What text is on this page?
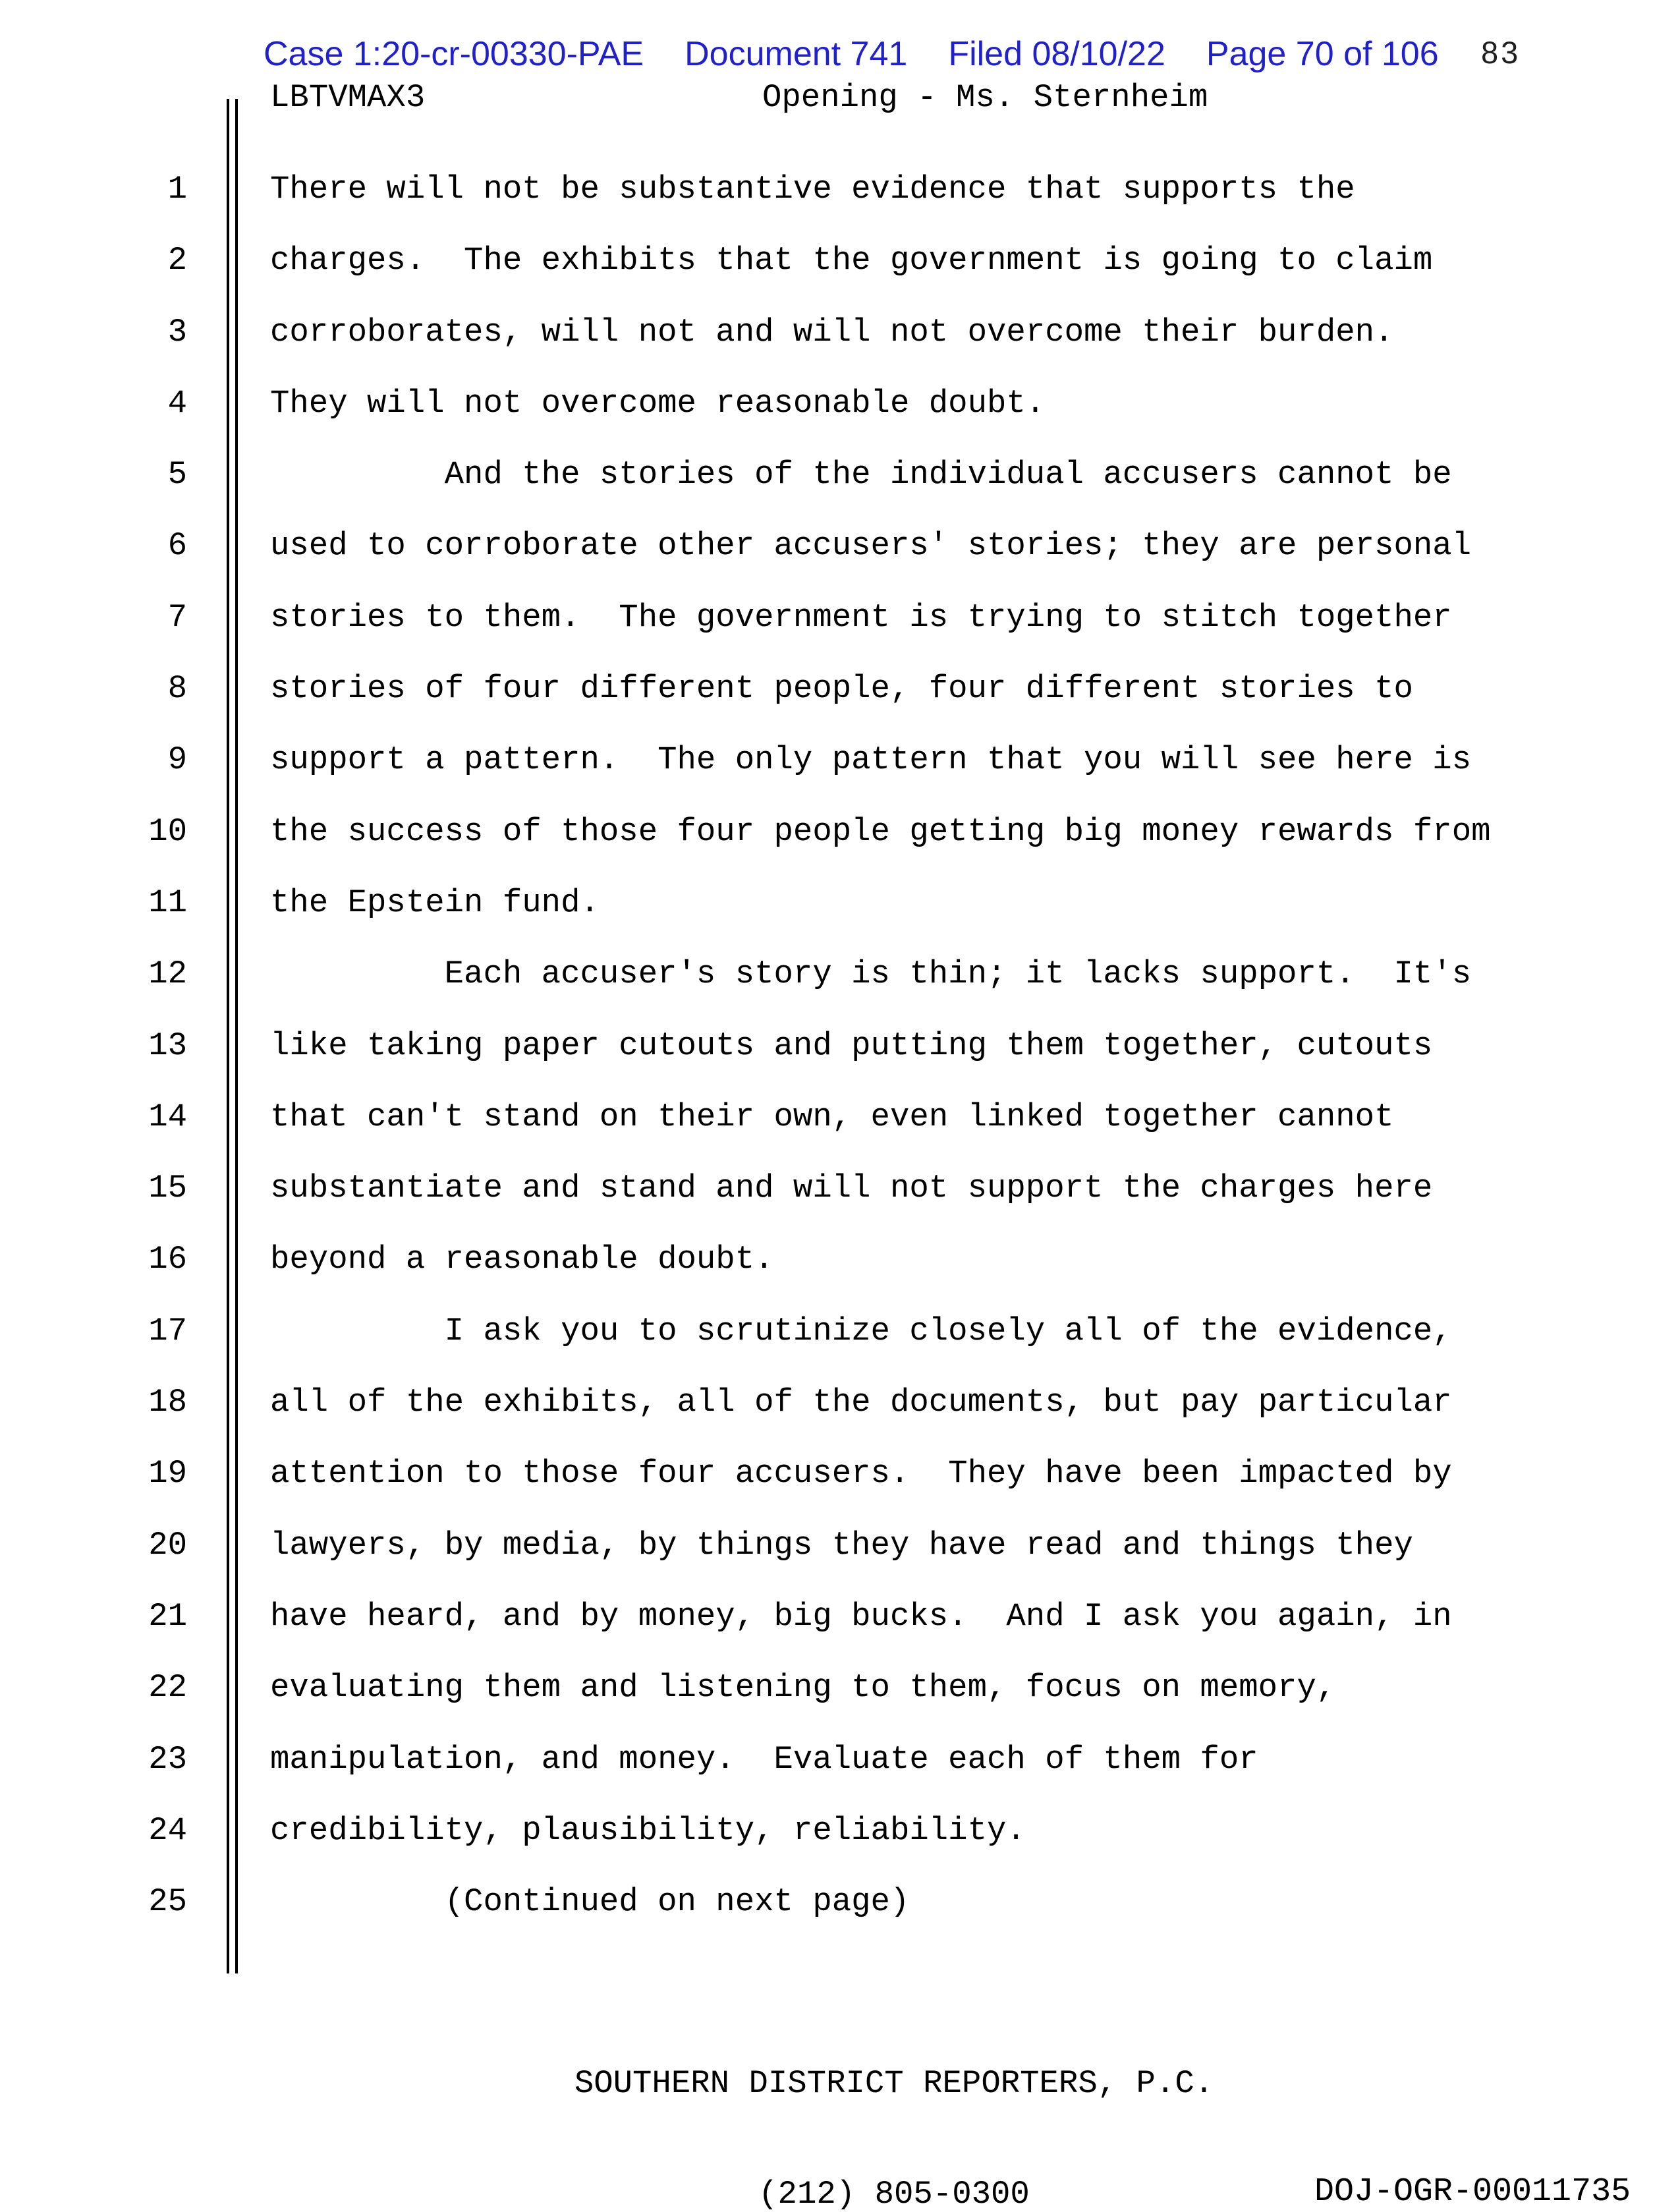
Case 1:20-cr-00330-PAE Document 741 Filed 08/10/22 Page 70 of 106 83
LBTVMAX3	Opening - Ms. Sternheim
1	There will not be substantive evidence that supports the
2	charges.  The exhibits that the government is going to claim
3	corroborates, will not and will not overcome their burden.
4	They will not overcome reasonable doubt.
5	And the stories of the individual accusers cannot be
6	used to corroborate other accusers' stories; they are personal
7	stories to them.  The government is trying to stitch together
8	stories of four different people, four different stories to
9	support a pattern.  The only pattern that you will see here is
10	the success of those four people getting big money rewards from
11	the Epstein fund.
12	Each accuser's story is thin; it lacks support.  It's
13	like taking paper cutouts and putting them together, cutouts
14	that can't stand on their own, even linked together cannot
15	substantiate and stand and will not support the charges here
16	beyond a reasonable doubt.
17	I ask you to scrutinize closely all of the evidence,
18	all of the exhibits, all of the documents, but pay particular
19	attention to those four accusers.  They have been impacted by
20	lawyers, by media, by things they have read and things they
21	have heard, and by money, big bucks.  And I ask you again, in
22	evaluating them and listening to them, focus on memory,
23	manipulation, and money.  Evaluate each of them for
24	credibility, plausibility, reliability.
25	(Continued on next page)

SOUTHERN DISTRICT REPORTERS, P.C.

(212) 805-0300

	DOJ-OGR-00011735
